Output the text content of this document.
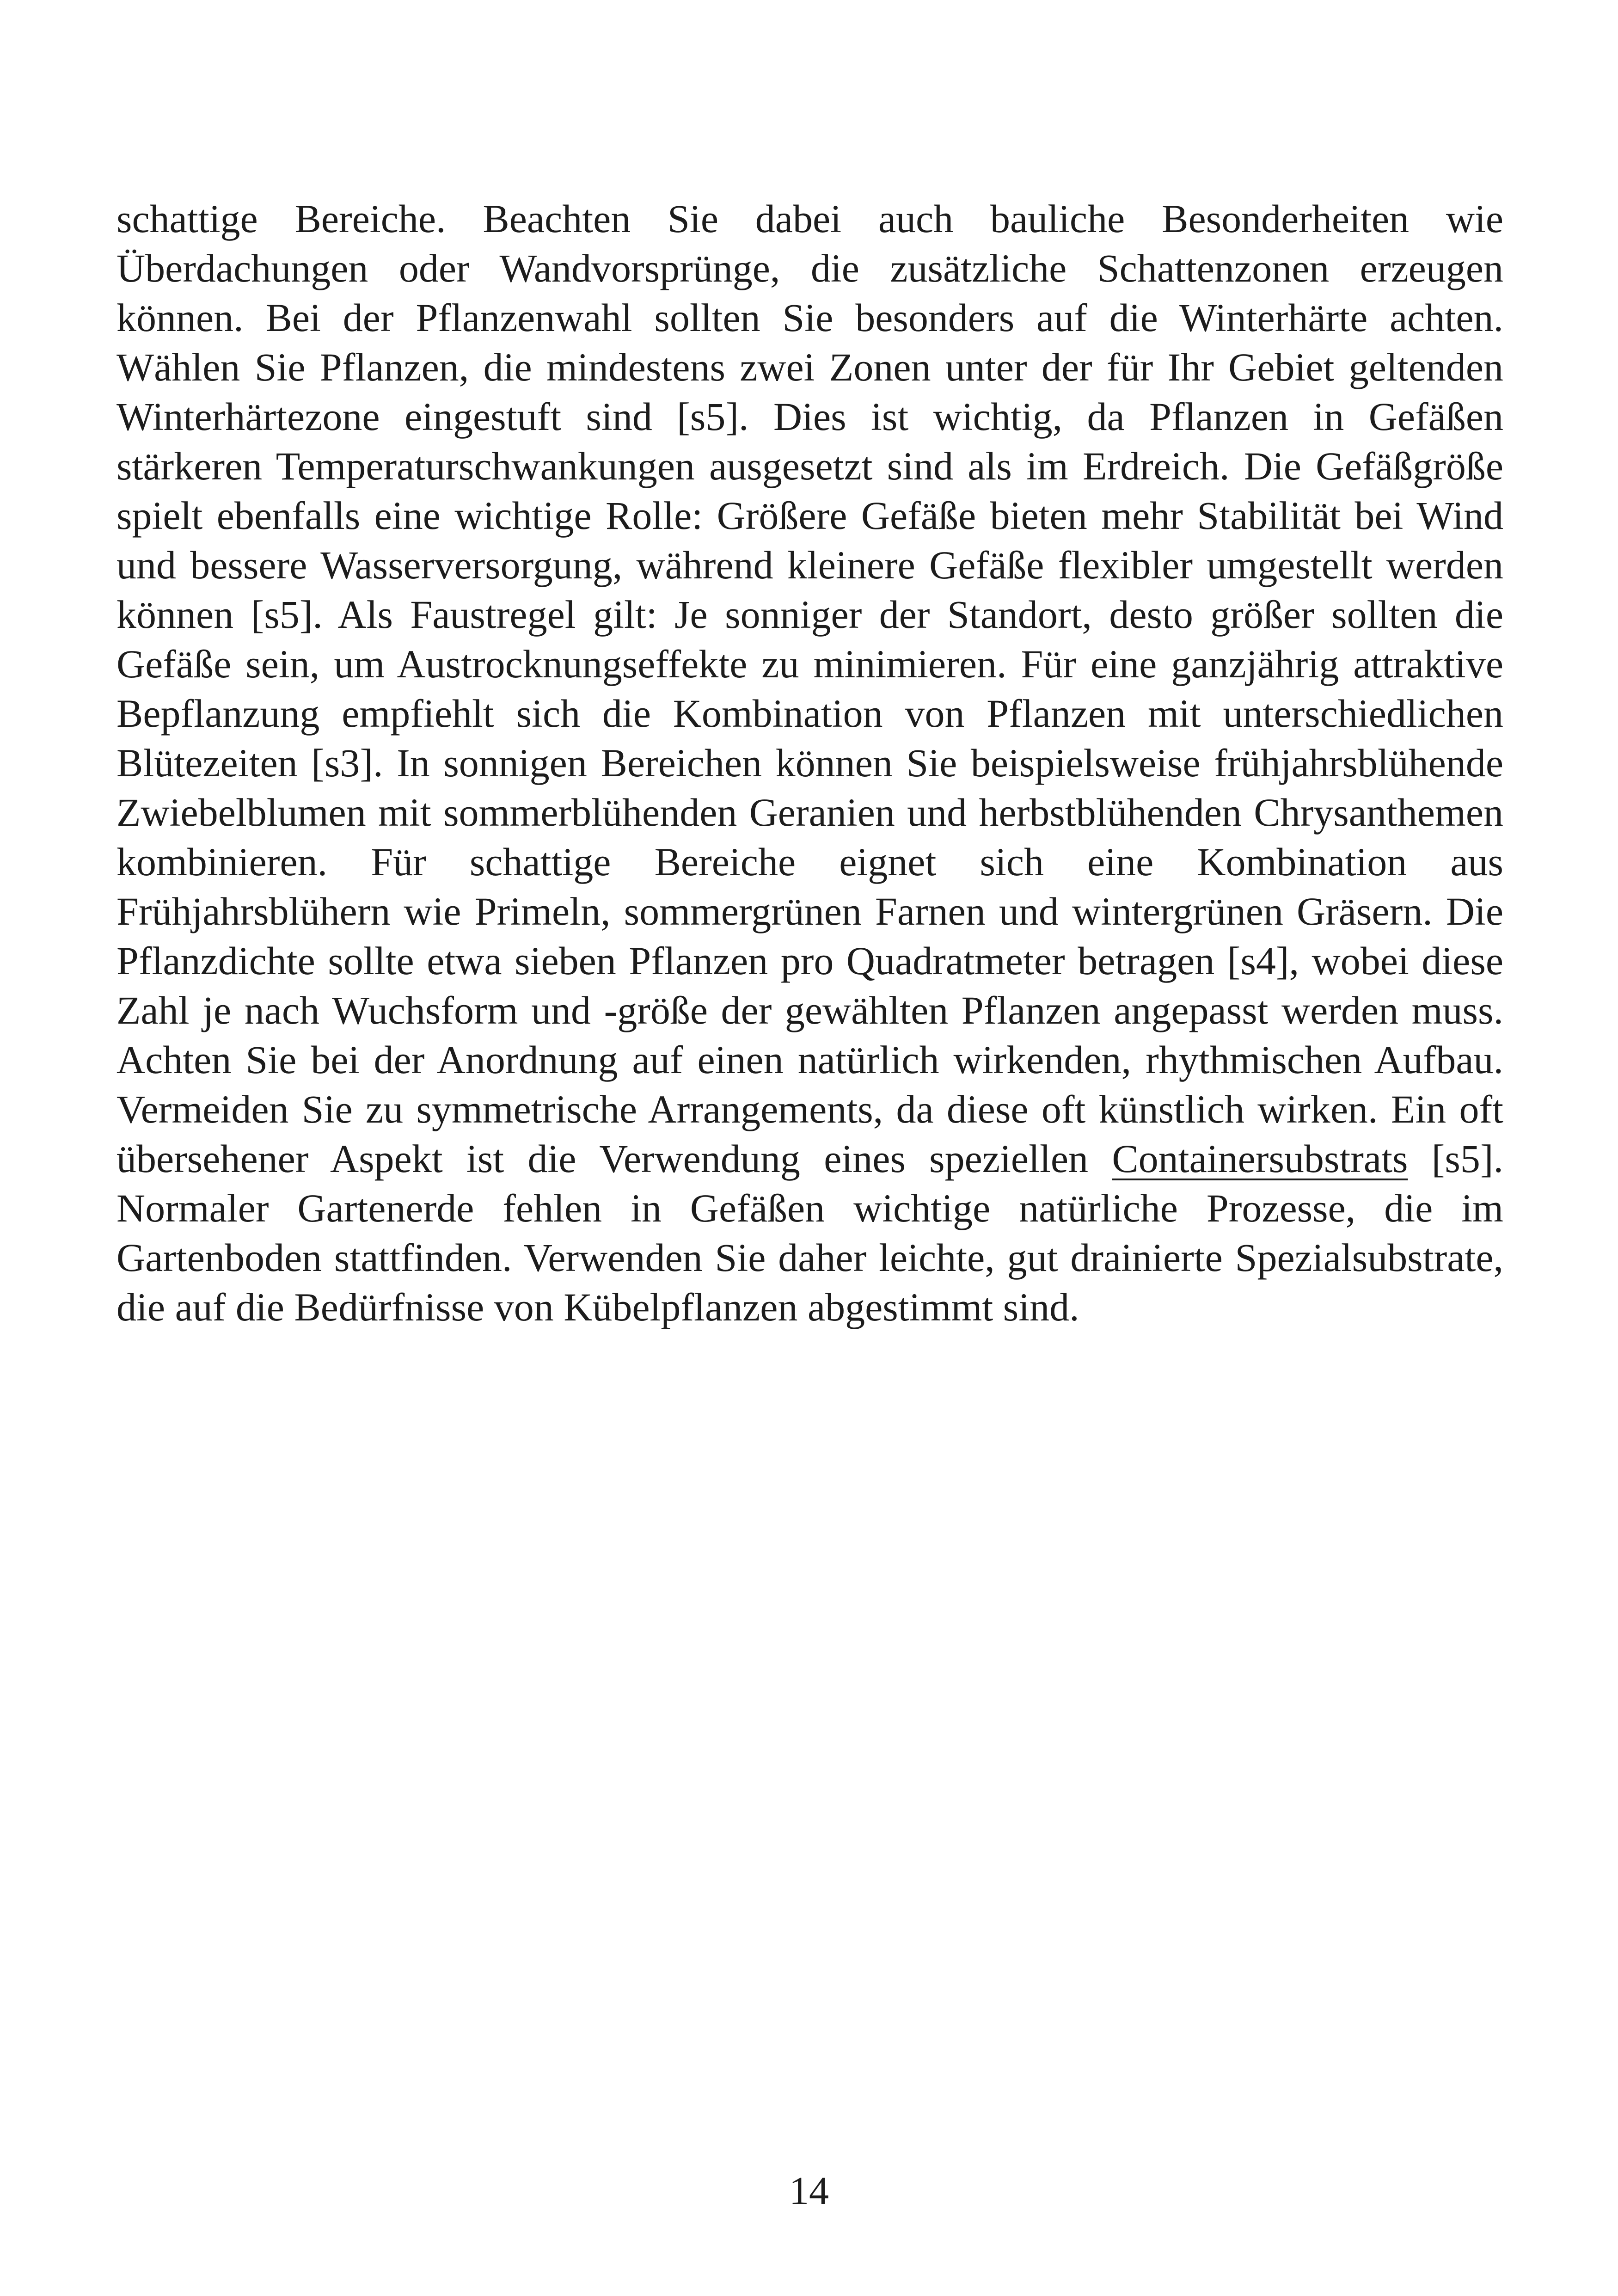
schattige Bereiche. Beachten Sie dabei auch bauliche Besonderheiten wie Überdachungen oder Wandvorsprünge, die zusätzliche Schattenzonen erzeugen können. Bei der Pflanzenwahl sollten Sie besonders auf die Winterhärte achten. Wählen Sie Pflanzen, die mindestens zwei Zonen unter der für Ihr Gebiet geltenden Winterhärtezone eingestuft sind [s5]. Dies ist wichtig, da Pflanzen in Gefäßen stärkeren Temperaturschwankungen ausgesetzt sind als im Erdreich. Die Gefäßgröße spielt ebenfalls eine wichtige Rolle: Größere Gefäße bieten mehr Stabilität bei Wind und bessere Wasserversorgung, während kleinere Gefäße flexibler umgestellt werden können [s5]. Als Faustregel gilt: Je sonniger der Standort, desto größer sollten die Gefäße sein, um Austrocknungseffekte zu minimieren. Für eine ganzjährig attraktive Bepflanzung empfiehlt sich die Kombination von Pflanzen mit unterschiedlichen Blütezeiten [s3]. In sonnigen Bereichen können Sie beispielsweise frühjahrsblühende Zwiebelblumen mit sommerblühenden Geranien und herbstblühenden Chrysanthemen kombinieren. Für schattige Bereiche eignet sich eine Kombination aus Frühjahrsblühern wie Primeln, sommergrünen Farnen und wintergrünen Gräsern. Die Pflanzdichte sollte etwa sieben Pflanzen pro Quadratmeter betragen [s4], wobei diese Zahl je nach Wuchsform und -größe der gewählten Pflanzen angepasst werden muss. Achten Sie bei der Anordnung auf einen natürlich wirkenden, rhythmischen Aufbau. Vermeiden Sie zu symmetrische Arrangements, da diese oft künstlich wirken. Ein oft übersehener Aspekt ist die Verwendung eines speziellen Containersubstrats [s5]. Normaler Gartenerde fehlen in Gefäßen wichtige natürliche Prozesse, die im Gartenboden stattfinden. Verwenden Sie daher leichte, gut drainierte Spezialsubstrate, die auf die Bedürfnisse von Kübelpflanzen abgestimmt sind.

14
